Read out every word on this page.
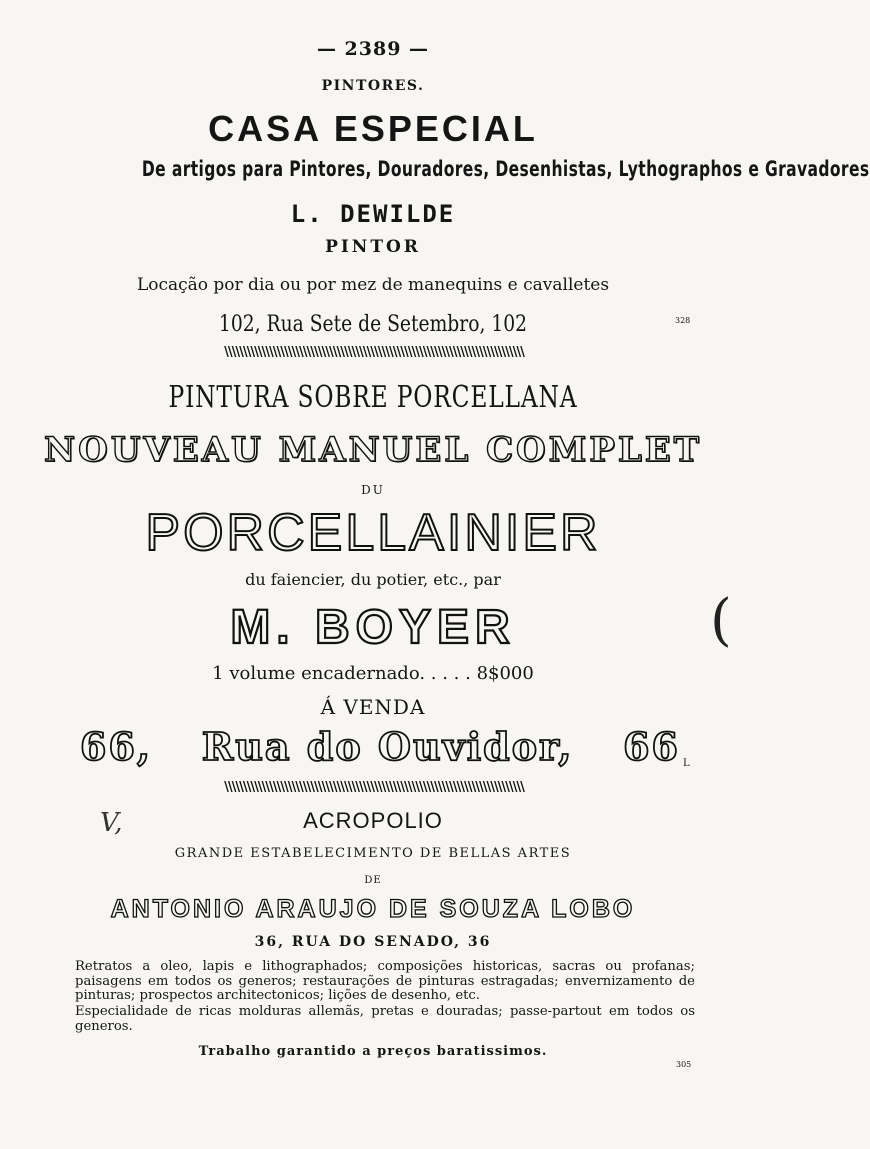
— 2389 —
PINTORES.
CASA ESPECIAL
De artigos para Pintores, Douradores, Desenhistas, Lythographos e Gravadores
L. DEWILDE
PINTOR
Locação por dia ou por mez de manequins e cavalletes
102, Rua Sete de Setembro, 102	328
\\\\\\\\\\\\\\\\\\\\\\\\\\\\\\\\\\\\\\\\\\\\\\\\\\\\\\\\\\\\\\\\\\\\\\\\\\\\\\\\
PINTURA SOBRE PORCELLANA
NOUVEAU MANUEL COMPLET
DU
PORCELLAINIER
du faiencier, du potier, etc., par
M. BOYER
1 volume encadernado. . . . . 8$000
Á VENDA
66, Rua do Ouvidor, 66 L
(
\\\\\\\\\\\\\\\\\\\\\\\\\\\\\\\\\\\\\\\\\\\\\\\\\\\\\\\\\\\\\\\\\\\\\\\\\\\\\\\\
V,	ACROPOLIO
GRANDE ESTABELECIMENTO DE BELLAS ARTES
DE
ANTONIO ARAUJO DE SOUZA LOBO
36, RUA DO SENADO, 36
Retratos a oleo, lapis e lithographados; composições historicas, sacras ou profanas; paisagens em todos os generos; restaurações de pinturas estragadas; envernizamento de pinturas; prospectos architectonicos; lições de desenho, etc.
Especialidade de ricas molduras allemãs, pretas e douradas; passe-partout em todos os generos.
Trabalho garantido a preços baratissimos.
305
